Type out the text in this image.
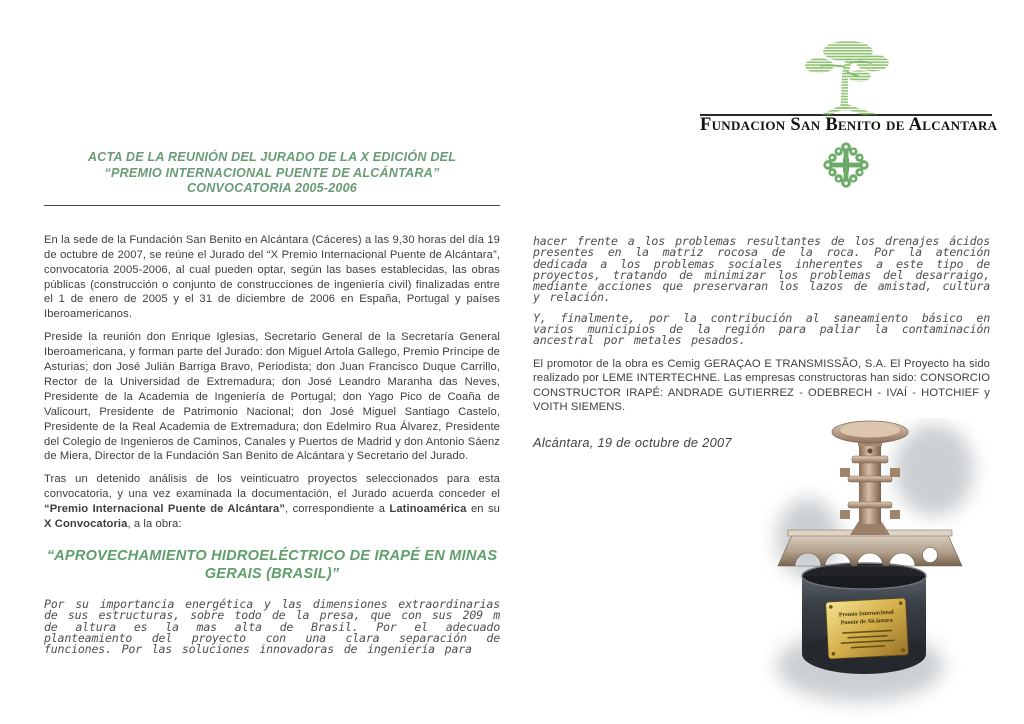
Fundacion San Benito de Alcantara
ACTA DE LA REUNIÓN DEL JURADO DE LA X EDICIÓN DEL
“PREMIO INTERNACIONAL PUENTE DE ALCÁNTARA”
CONVOCATORIA 2005-2006

En la sede de la Fundación San Benito en Alcántara (Cáceres) a las 9,30 horas del día 19 de octubre de 2007, se reúne el Jurado del “X Premio Internacional Puente de Alcántara”, convocatoria 2005-2006, al cual pueden optar, según las bases establecidas, las obras públicas (construcción o conjunto de construcciones de ingeniería civil) finalizadas entre el 1 de enero de 2005 y el 31 de diciembre de 2006 en España, Portugal y países Iberoamericanos.

Preside la reunión don Enrique Iglesias, Secretario General de la Secretaría General Iberoamericana, y forman parte del Jurado: don Miguel Artola Gallego, Premio Príncipe de Asturias; don José Julián Barriga Bravo, Periodista; don Juan Francisco Duque Carrillo, Rector de la Universidad de Extremadura; don José Leandro Maranha das Neves, Presidente de la Academia de Ingeniería de Portugal; don Yago Pico de Coaña de Valicourt, Presidente de Patrimonio Nacional; don José Miguel Santiago Castelo, Presidente de la Real Academia de Extremadura; don Edelmiro Rua Álvarez, Presidente del Colegio de Ingenieros de Caminos, Canales y Puertos de Madrid y don Antonio Sáenz de Miera, Director de la Fundación San Benito de Alcántara y Secretario del Jurado.

Tras un detenido análisis de los veinticuatro proyectos seleccionados para esta convocatoria, y una vez examinada la documentación, el Jurado acuerda conceder el “Premio Internacional Puente de Alcántara”, correspondiente a Latinoamérica en su X Convocatoria, a la obra:

“APROVECHAMIENTO HIDROELÉCTRICO DE IRAPÉ EN MINAS GERAIS (BRASIL)”

Por su importancia energética y las dimensiones extraordinarias de sus estructuras, sobre todo de la presa, que con sus 209 m de altura es la mas alta de Brasil. Por el adecuado planteamiento del proyecto con una clara separación de funciones. Por las soluciones innovadoras de ingeniería para

hacer frente a los problemas resultantes de los drenajes ácidos presentes en la matriz rocosa de la roca. Por la atención dedicada a los problemas sociales inherentes a este tipo de proyectos, tratando de minimizar los problemas del desarraigo, mediante acciones que preservaran los lazos de amistad, cultura y relación.

Y, finalmente, por la contribución al saneamiento básico en varios municipios de la región para paliar la contaminación ancestral por metales pesados.

El promotor de la obra es Cemig GERAÇAO E TRANSMISSÃO, S.A. El Proyecto ha sido realizado por LEME INTERTECHNE. Las empresas constructoras han sido: CONSORCIO CONSTRUCTOR IRAPÉ: ANDRADE GUTIERREZ - ODEBRECH - IVAÍ - HOTCHIEF y VOITH SIEMENS.

Alcántara, 19 de octubre de 2007
Premio Internacional
Puente de Alcántara
